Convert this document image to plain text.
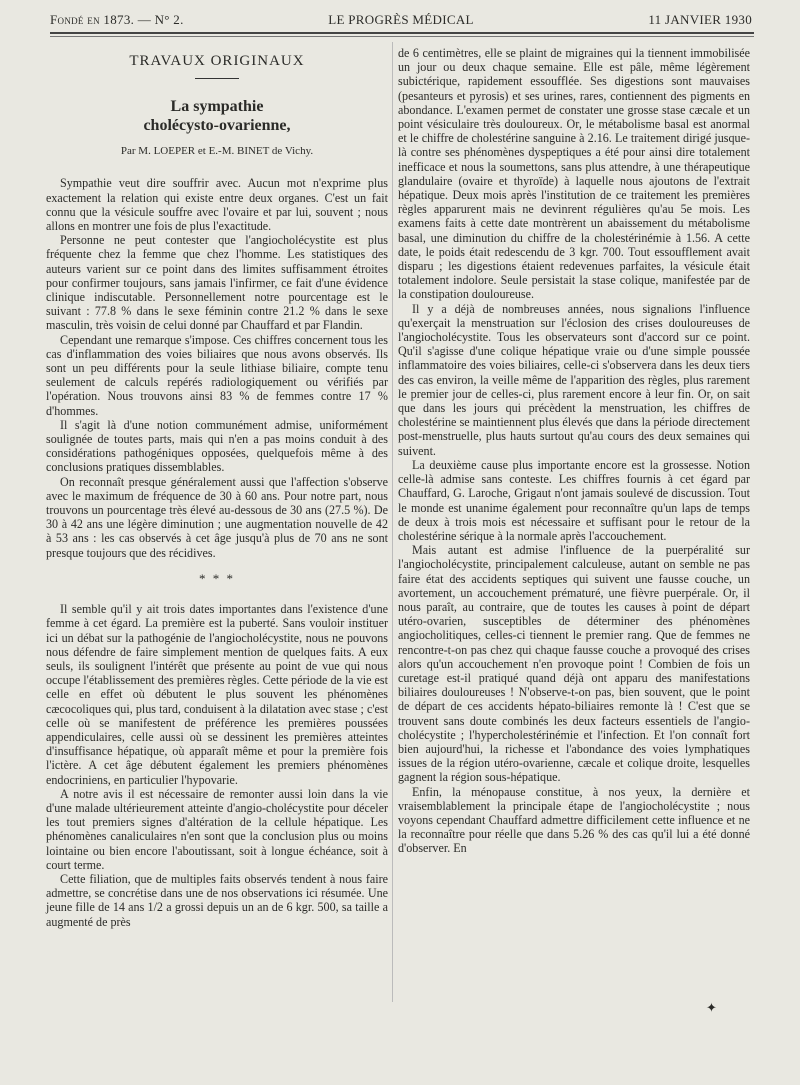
Fondé en 1873. — N° 2.	LE PROGRÈS MÉDICAL	11 JANVIER 1930
TRAVAUX ORIGINAUX
La sympathie
cholécysto-ovarienne,
Par M. LOEPER et E.-M. BINET de Vichy.

Sympathie veut dire souffrir avec. Aucun mot n'exprime plus exactement la relation qui existe entre deux organes. C'est un fait connu que la vésicule souffre avec l'ovaire et par lui, souvent ; nous allons en montrer une fois de plus l'exactitude.

Personne ne peut contester que l'angiocholécystite est plus fréquente chez la femme que chez l'homme. Les statistiques des auteurs varient sur ce point dans des limites suffisamment étroites pour confirmer toujours, sans jamais l'infirmer, ce fait d'une évidence clinique indiscutable. Personnellement notre pourcentage est le suivant : 77.8 % dans le sexe féminin contre 21.2 % dans le sexe masculin, très voisin de celui donné par Chauffard et par Flandin.

Cependant une remarque s'impose. Ces chiffres concernent tous les cas d'inflammation des voies biliaires que nous avons observés. Ils sont un peu différents pour la seule lithiase biliaire, compte tenu seulement de calculs repérés radiologiquement ou vérifiés par l'opération. Nous trouvons ainsi 83 % de femmes contre 17 % d'hommes.

Il s'agit là d'une notion communément admise, uniformément soulignée de toutes parts, mais qui n'en a pas moins conduit à des considérations pathogéniques opposées, quelquefois même à des conclusions pratiques dissemblables.

On reconnaît presque généralement aussi que l'affection s'observe avec le maximum de fréquence de 30 à 60 ans. Pour notre part, nous trouvons un pourcentage très élevé au-dessous de 30 ans (27.5 %). De 30 à 42 ans une légère diminution ; une augmentation nouvelle de 42 à 53 ans : les cas observés à cet âge jusqu'à plus de 70 ans ne sont presque toujours que des récidives.

* * *

Il semble qu'il y ait trois dates importantes dans l'existence d'une femme à cet égard. La première est la puberté. Sans vouloir instituer ici un débat sur la pathogénie de l'angiocholécystite, nous ne pouvons nous défendre de faire simplement mention de quelques faits. A eux seuls, ils soulignent l'intérêt que présente au point de vue qui nous occupe l'établissement des premières règles. Cette période de la vie est celle en effet où débutent le plus souvent les phénomènes cæcocoliques qui, plus tard, conduisent à la dilatation avec stase ; c'est celle où se manifestent de préférence les premières poussées appendiculaires, celle aussi où se dessinent les premières atteintes d'insuffisance hépatique, où apparaît même et pour la première fois l'ictère. A cet âge débutent également les premiers phénomènes endocriniens, en particulier l'hypovarie.

A notre avis il est nécessaire de remonter aussi loin dans la vie d'une malade ultérieurement atteinte d'angio-cholécystite pour déceler les tout premiers signes d'altération de la cellule hépatique. Les phénomènes canaliculaires n'en sont que la conclusion plus ou moins lointaine ou bien encore l'aboutissant, soit à longue échéance, soit à court terme.

Cette filiation, que de multiples faits observés tendent à nous faire admettre, se concrétise dans une de nos observations ici résumée. Une jeune fille de 14 ans 1/2 a grossi depuis un an de 6 kgr. 500, sa taille a augmenté de près

de 6 centimètres, elle se plaint de migraines qui la tiennent immobilisée un jour ou deux chaque semaine. Elle est pâle, même légèrement subictérique, rapidement essoufflée. Ses digestions sont mauvaises (pesanteurs et pyrosis) et ses urines, rares, contiennent des pigments en abondance. L'examen permet de constater une grosse stase cæcale et un point vésiculaire très douloureux. Or, le métabolisme basal est anormal et le chiffre de cholestérine sanguine à 2.16. Le traitement dirigé jusque-là contre ses phénomènes dyspeptiques a été pour ainsi dire totalement inefficace et nous la soumettons, sans plus attendre, à une thérapeutique glandulaire (ovaire et thyroïde) à laquelle nous ajoutons de l'extrait hépatique. Deux mois après l'institution de ce traitement les premières règles apparurent mais ne devinrent régulières qu'au 5e mois. Les examens faits à cette date montrèrent un abaissement du métabolisme basal, une diminution du chiffre de la cholestérinémie à 1.56. A cette date, le poids était redescendu de 3 kgr. 700. Tout essoufflement avait disparu ; les digestions étaient redevenues parfaites, la vésicule était totalement indolore. Seule persistait la stase colique, manifestée par de la constipation douloureuse.

Il y a déjà de nombreuses années, nous signalions l'influence qu'exerçait la menstruation sur l'éclosion des crises douloureuses de l'angiocholécystite. Tous les observateurs sont d'accord sur ce point. Qu'il s'agisse d'une colique hépatique vraie ou d'une simple poussée inflammatoire des voies biliaires, celle-ci s'observera dans les deux tiers des cas environ, la veille même de l'apparition des règles, plus rarement le premier jour de celles-ci, plus rarement encore à leur fin. Or, on sait que dans les jours qui précèdent la menstruation, les chiffres de cholestérine se maintiennent plus élevés que dans la période directement post-menstruelle, plus hauts surtout qu'au cours des deux semaines qui suivent.

La deuxième cause plus importante encore est la grossesse. Notion celle-là admise sans conteste. Les chiffres fournis à cet égard par Chauffard, G. Laroche, Grigaut n'ont jamais soulevé de discussion. Tout le monde est unanime également pour reconnaître qu'un laps de temps de deux à trois mois est nécessaire et suffisant pour le retour de la cholestérine sérique à la normale après l'accouchement.

Mais autant est admise l'influence de la puerpéralité sur l'angiocholécystite, principalement calculeuse, autant on semble ne pas faire état des accidents septiques qui suivent une fausse couche, un avortement, un accouchement prématuré, une fièvre puerpérale. Or, il nous paraît, au contraire, que de toutes les causes à point de départ utéro-ovarien, susceptibles de déterminer des phénomènes angiocholitiques, celles-ci tiennent le premier rang. Que de femmes ne rencontre-t-on pas chez qui chaque fausse couche a provoqué des crises alors qu'un accouchement n'en provoque point ! Combien de fois un curetage est-il pratiqué quand déjà ont apparu des manifestations biliaires douloureuses ! N'observe-t-on pas, bien souvent, que le point de départ de ces accidents hépato-biliaires remonte là ! C'est que se trouvent sans doute combinés les deux facteurs essentiels de l'angio-cholécystite ; l'hypercholestérinémie et l'infection. Et l'on connaît fort bien aujourd'hui, la richesse et l'abondance des voies lymphatiques issues de la région utéro-ovarienne, cæcale et colique droite, lesquelles gagnent la région sous-hépatique.

Enfin, la ménopause constitue, à nos yeux, la dernière et vraisemblablement la principale étape de l'angiocholécystite ; nous voyons cependant Chauffard admettre difficilement cette influence et ne la reconnaître pour réelle que dans 5.26 % des cas qu'il lui a été donné d'observer. En

✦
